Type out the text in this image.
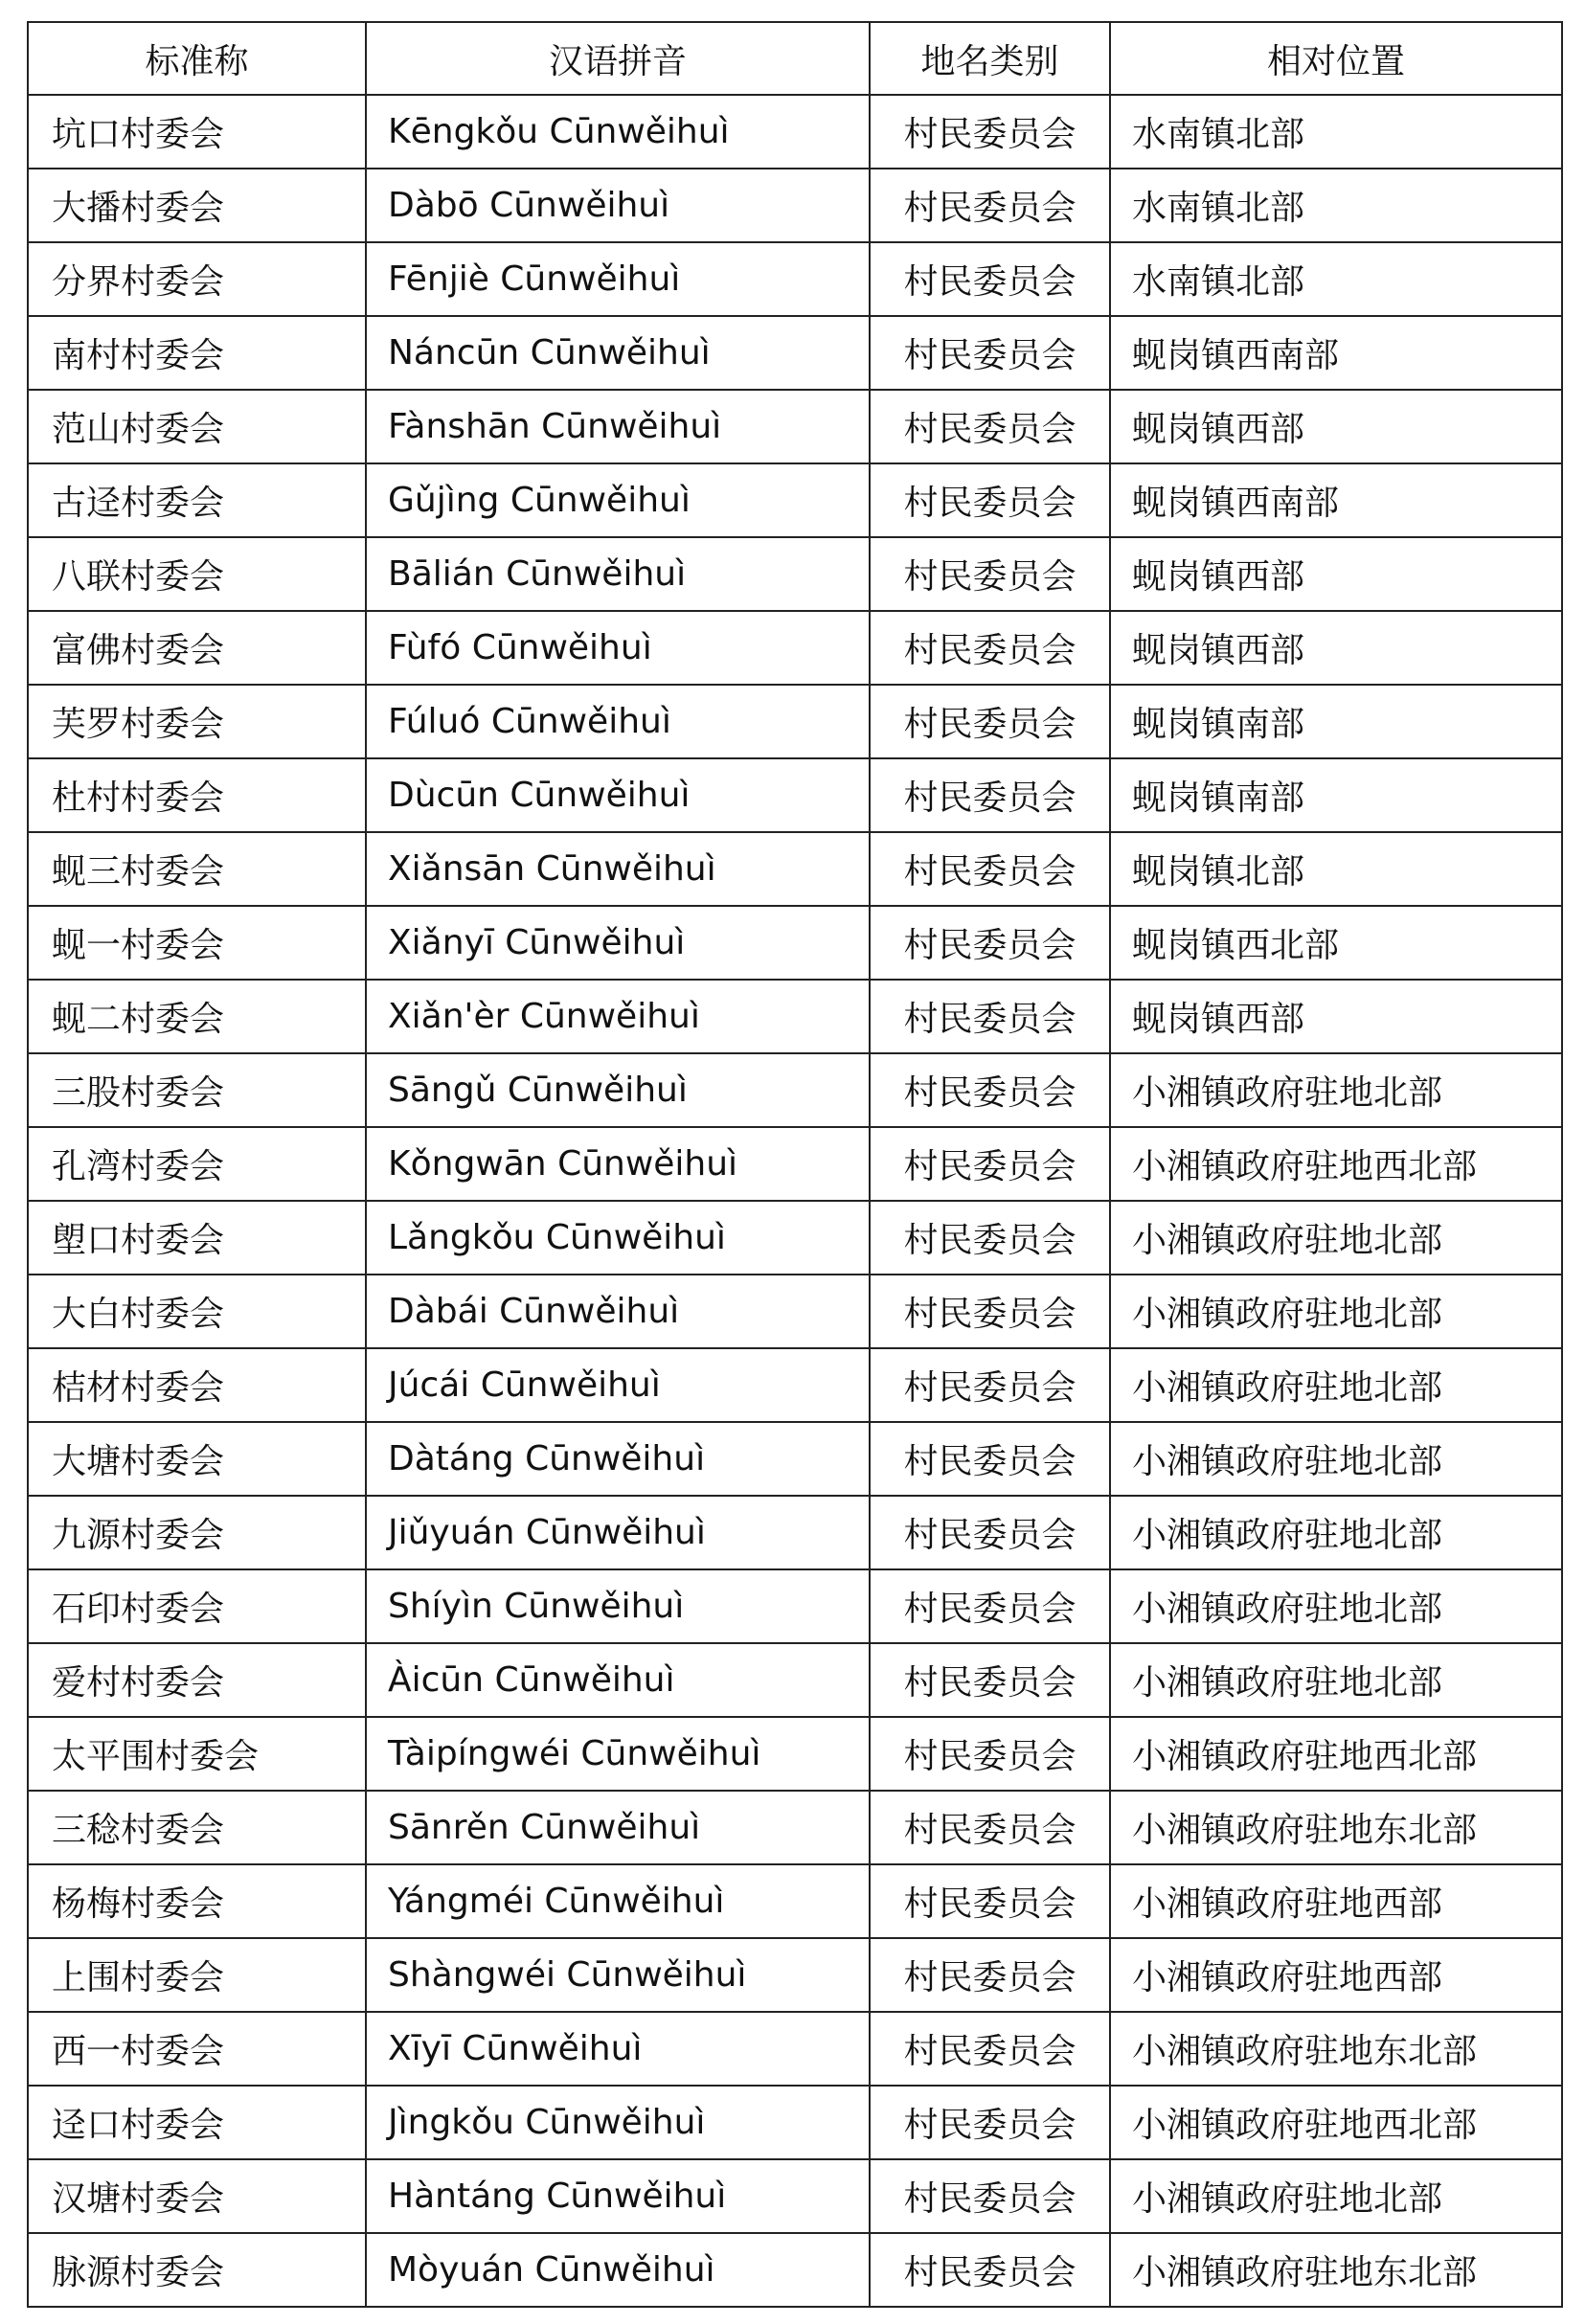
标准称	汉语拼音	地名类别	相对位置
坑口村委会	Kēngkǒu Cūnwěihuì	村民委员会	水南镇北部
大播村委会	Dàbō Cūnwěihuì	村民委员会	水南镇北部
分界村委会	Fēnjiè Cūnwěihuì	村民委员会	水南镇北部
南村村委会	Náncūn Cūnwěihuì	村民委员会	蚬岗镇西南部
范山村委会	Fànshān Cūnwěihuì	村民委员会	蚬岗镇西部
古迳村委会	Gǔjìng Cūnwěihuì	村民委员会	蚬岗镇西南部
八联村委会	Bālián Cūnwěihuì	村民委员会	蚬岗镇西部
富佛村委会	Fùfó Cūnwěihuì	村民委员会	蚬岗镇西部
芙罗村委会	Fúluó Cūnwěihuì	村民委员会	蚬岗镇南部
杜村村委会	Dùcūn Cūnwěihuì	村民委员会	蚬岗镇南部
蚬三村委会	Xiǎnsān Cūnwěihuì	村民委员会	蚬岗镇北部
蚬一村委会	Xiǎnyī Cūnwěihuì	村民委员会	蚬岗镇西北部
蚬二村委会	Xiǎn'èr Cūnwěihuì	村民委员会	蚬岗镇西部
三股村委会	Sāngǔ Cūnwěihuì	村民委员会	小湘镇政府驻地北部
孔湾村委会	Kǒngwān Cūnwěihuì	村民委员会	小湘镇政府驻地西北部
塱口村委会	Lǎngkǒu Cūnwěihuì	村民委员会	小湘镇政府驻地北部
大白村委会	Dàbái Cūnwěihuì	村民委员会	小湘镇政府驻地北部
桔材村委会	Júcái Cūnwěihuì	村民委员会	小湘镇政府驻地北部
大塘村委会	Dàtáng Cūnwěihuì	村民委员会	小湘镇政府驻地北部
九源村委会	Jiǔyuán Cūnwěihuì	村民委员会	小湘镇政府驻地北部
石印村委会	Shíyìn Cūnwěihuì	村民委员会	小湘镇政府驻地北部
爱村村委会	Àicūn Cūnwěihuì	村民委员会	小湘镇政府驻地北部
太平围村委会	Tàipíngwéi Cūnwěihuì	村民委员会	小湘镇政府驻地西北部
三稔村委会	Sānrěn Cūnwěihuì	村民委员会	小湘镇政府驻地东北部
杨梅村委会	Yángméi Cūnwěihuì	村民委员会	小湘镇政府驻地西部
上围村委会	Shàngwéi Cūnwěihuì	村民委员会	小湘镇政府驻地西部
西一村委会	Xīyī Cūnwěihuì	村民委员会	小湘镇政府驻地东北部
迳口村委会	Jìngkǒu Cūnwěihuì	村民委员会	小湘镇政府驻地西北部
汉塘村委会	Hàntáng Cūnwěihuì	村民委员会	小湘镇政府驻地北部
脉源村委会	Mòyuán Cūnwěihuì	村民委员会	小湘镇政府驻地东北部
